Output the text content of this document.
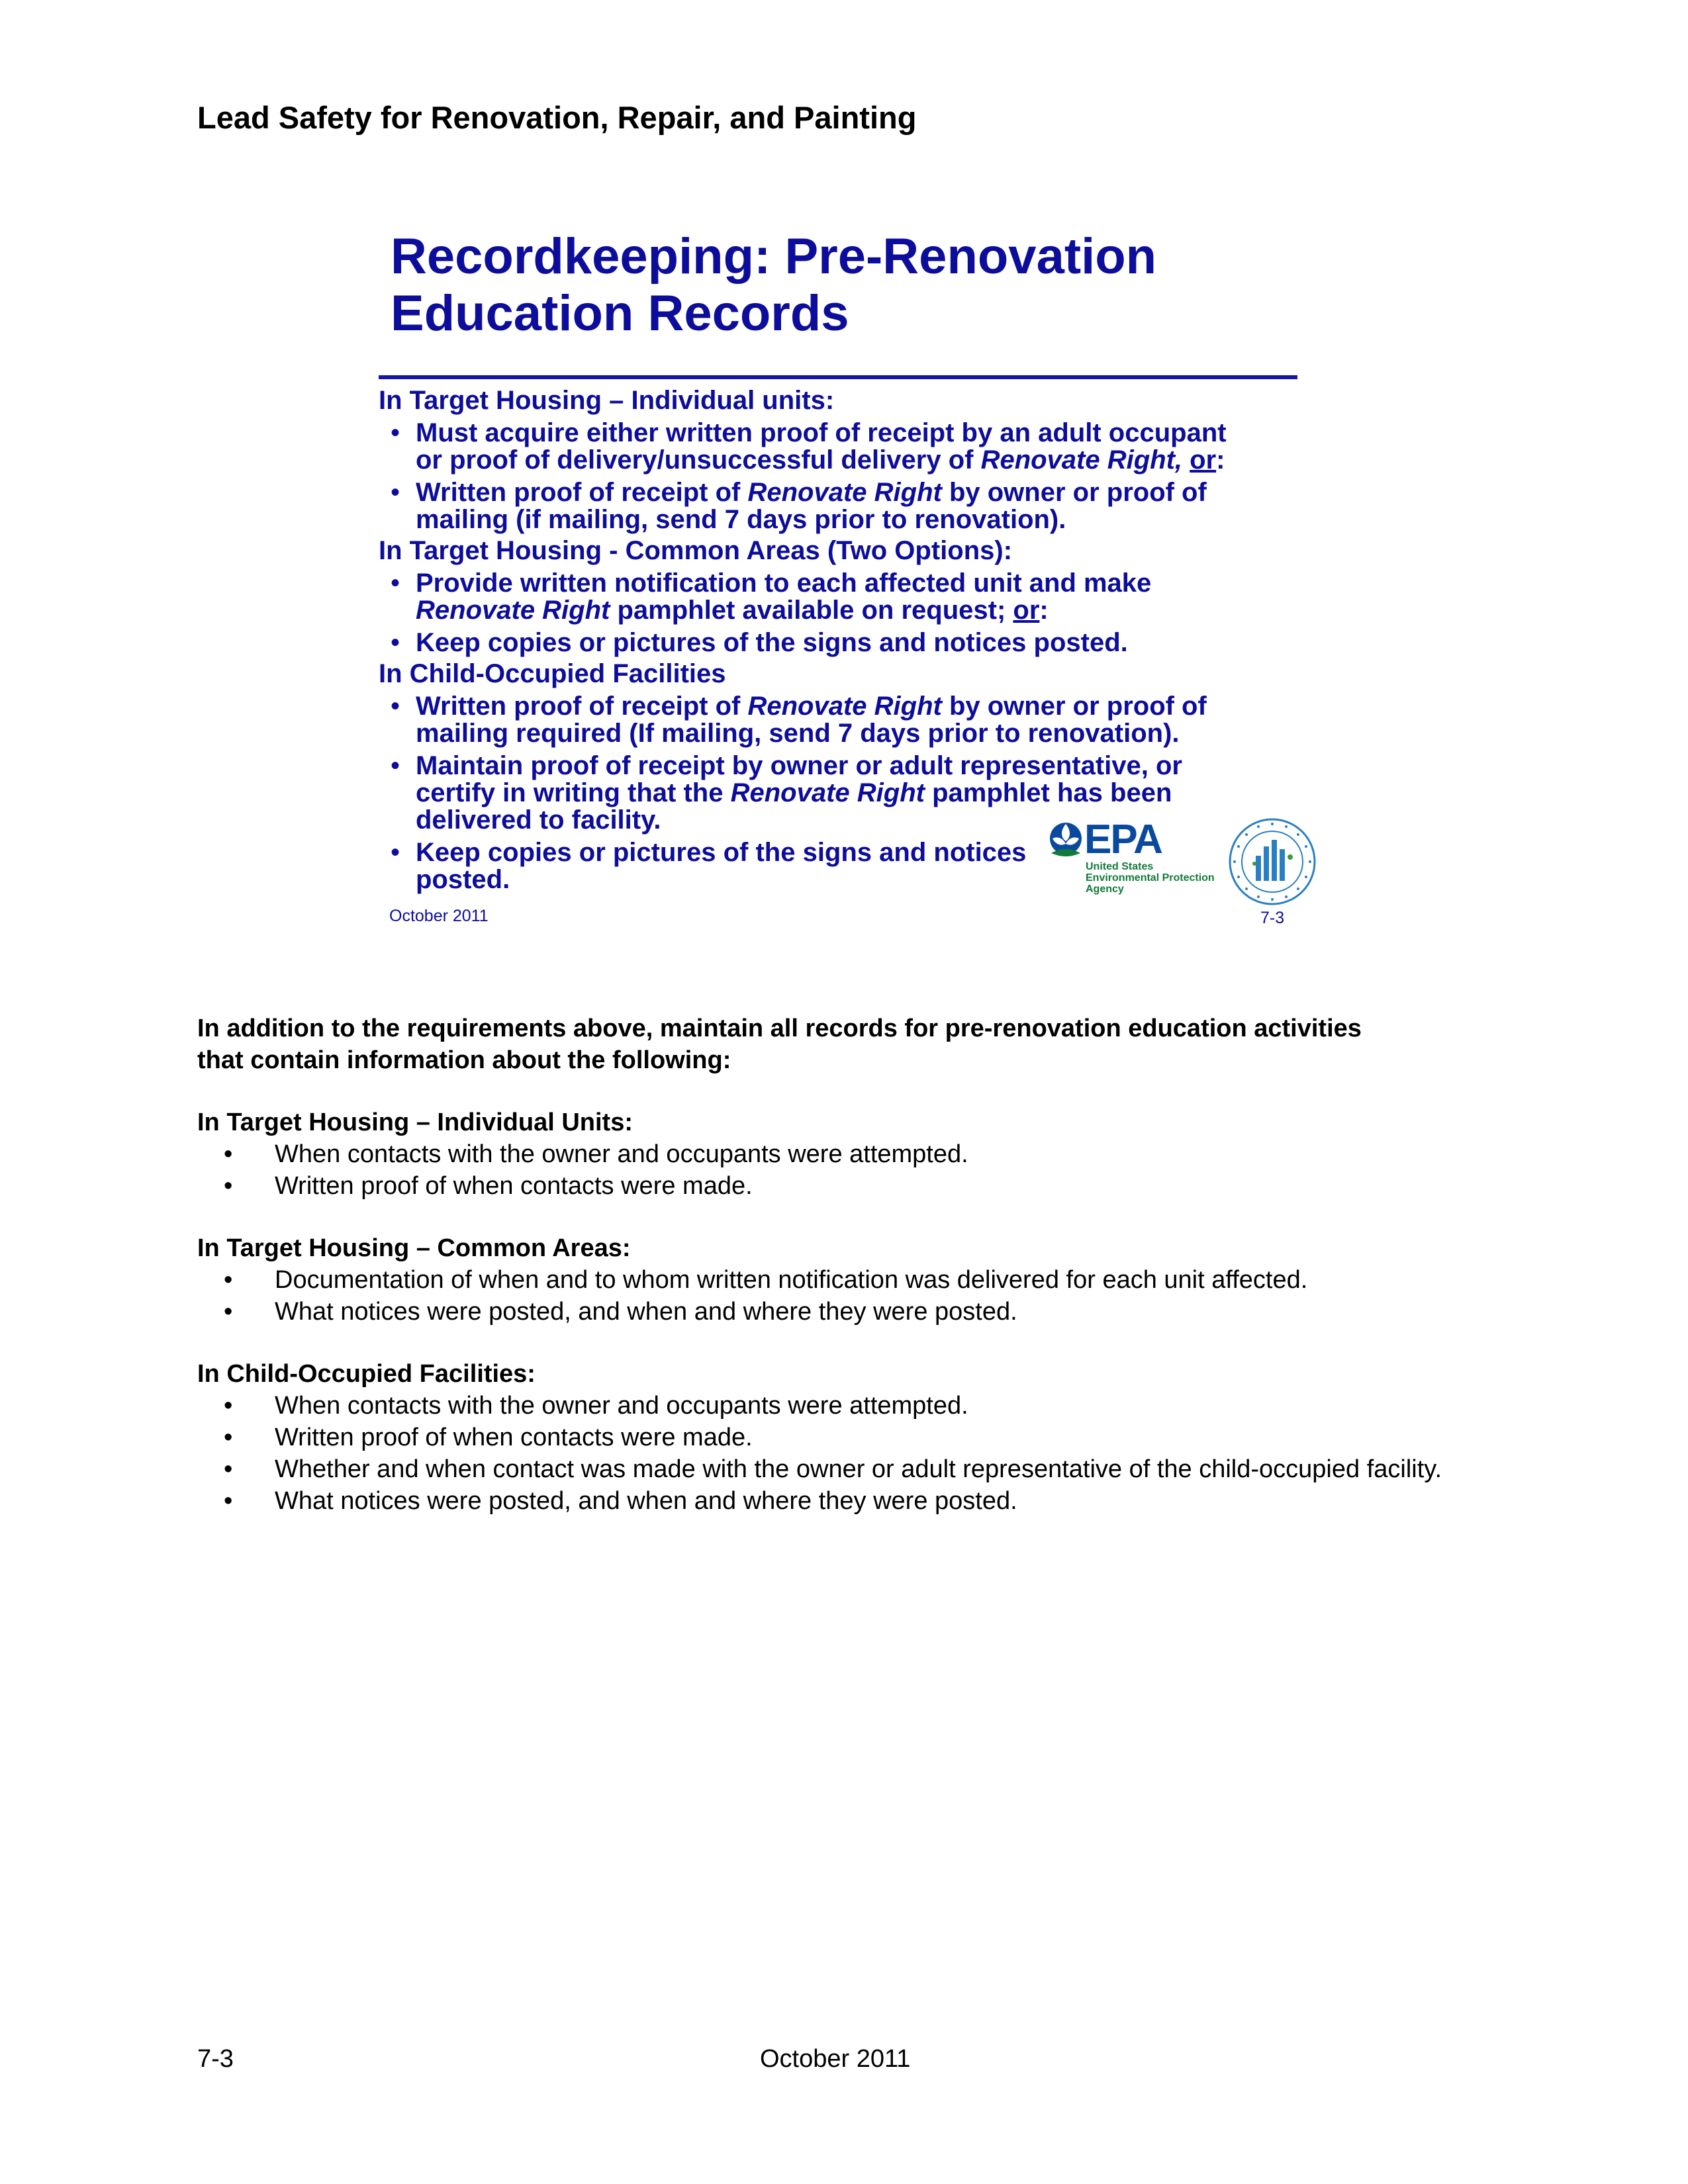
Lead Safety for Renovation, Repair, and Painting
Recordkeeping: Pre-Renovation
Education Records
In Target Housing – Individual units:
• Must acquire either written proof of receipt by an adult occupant
or proof of delivery/unsuccessful delivery of Renovate Right, or:
• Written proof of receipt of Renovate Right by owner or proof of
mailing (if mailing, send 7 days prior to renovation).
In Target Housing - Common Areas (Two Options):
• Provide written notification to each affected unit and make
Renovate Right pamphlet available on request; or:
• Keep copies or pictures of the signs and notices posted.
In Child-Occupied Facilities
• Written proof of receipt of Renovate Right by owner or proof of
mailing required (If mailing, send 7 days prior to renovation).
• Maintain proof of receipt by owner or adult representative, or
certify in writing that the Renovate Right pamphlet has been
delivered to facility.
• Keep copies or pictures of the signs and notices
posted.
EPA
United States
Environmental Protection
Agency
October 2011	7-3

In addition to the requirements above, maintain all records for pre-renovation education activities
that contain information about the following:

In Target Housing – Individual Units:
• When contacts with the owner and occupants were attempted.
• Written proof of when contacts were made.
In Target Housing – Common Areas:
• Documentation of when and to whom written notification was delivered for each unit affected.
• What notices were posted, and when and where they were posted.
In Child-Occupied Facilities:
• When contacts with the owner and occupants were attempted.
• Written proof of when contacts were made.
• Whether and when contact was made with the owner or adult representative of the child-occupied facility.
• What notices were posted, and when and where they were posted.
7-3	October 2011
